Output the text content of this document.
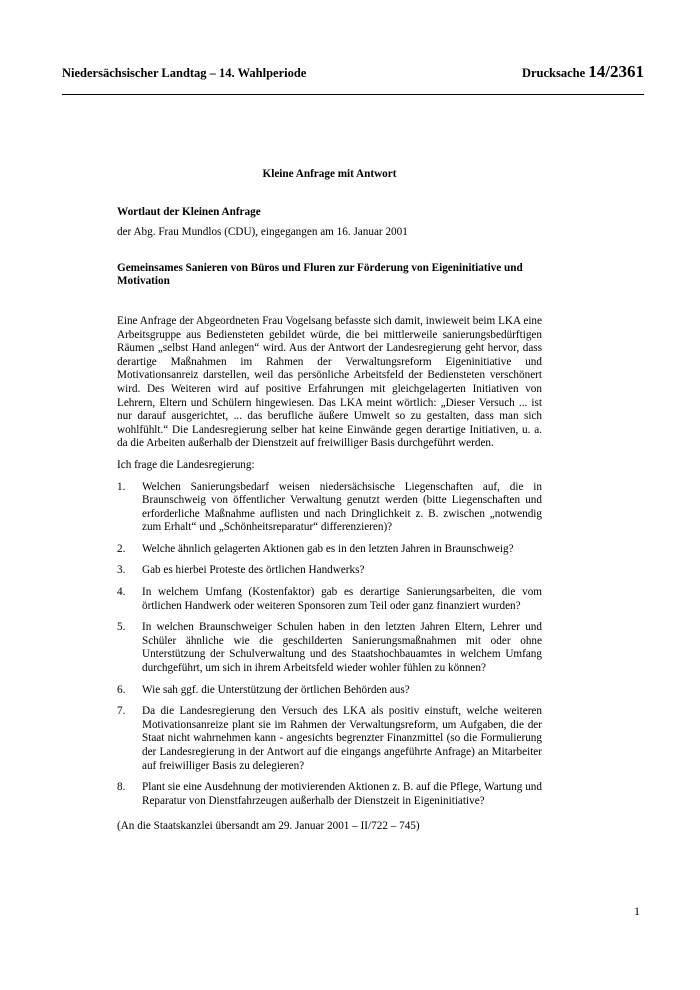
Niedersächsischer Landtag – 14. Wahlperiode	Drucksache 14/2361
Kleine Anfrage mit Antwort
Wortlaut der Kleinen Anfrage
der Abg. Frau Mundlos (CDU), eingegangen am 16. Januar 2001
Gemeinsames Sanieren von Büros und Fluren zur Förderung von Eigeninitiative und Motivation

Eine Anfrage der Abgeordneten Frau Vogelsang befasste sich damit, inwieweit beim LKA eine Arbeitsgruppe aus Bediensteten gebildet würde, die bei mittlerweile sanierungsbedürftigen Räumen „selbst Hand anlegen“ wird. Aus der Antwort der Landesregierung geht hervor, dass derartige Maßnahmen im Rahmen der Verwaltungsreform Eigeninitiative und Motivationsanreiz darstellen, weil das persönliche Arbeitsfeld der Bediensteten verschönert wird. Des Weiteren wird auf positive Erfahrungen mit gleichgelagerten Initiativen von Lehrern, Eltern und Schülern hingewiesen. Das LKA meint wörtlich: „Dieser Versuch ... ist nur darauf ausgerichtet, ... das berufliche äußere Umwelt so zu gestalten, dass man sich wohlfühlt.“ Die Landesregierung selber hat keine Einwände gegen derartige Initiativen, u. a. da die Arbeiten außerhalb der Dienstzeit auf freiwilliger Basis durchgeführt werden.

Ich frage die Landesregierung:

1. Welchen Sanierungsbedarf weisen niedersächsische Liegenschaften auf, die in Braunschweig von öffentlicher Verwaltung genutzt werden (bitte Liegenschaften und erforderliche Maßnahme auflisten und nach Dringlichkeit z. B. zwischen „notwendig zum Erhalt“ und „Schönheitsreparatur“ differenzieren)?
2. Welche ähnlich gelagerten Aktionen gab es in den letzten Jahren in Braunschweig?
3. Gab es hierbei Proteste des örtlichen Handwerks?
4. In welchem Umfang (Kostenfaktor) gab es derartige Sanierungsarbeiten, die vom örtlichen Handwerk oder weiteren Sponsoren zum Teil oder ganz finanziert wurden?
5. In welchen Braunschweiger Schulen haben in den letzten Jahren Eltern, Lehrer und Schüler ähnliche wie die geschilderten Sanierungsmaßnahmen mit oder ohne Unterstützung der Schulverwaltung und des Staatshochbauamtes in welchem Umfang durchgeführt, um sich in ihrem Arbeitsfeld wieder wohler fühlen zu können?
6. Wie sah ggf. die Unterstützung der örtlichen Behörden aus?
7. Da die Landesregierung den Versuch des LKA als positiv einstuft, welche weiteren Motivationsanreize plant sie im Rahmen der Verwaltungsreform, um Aufgaben, die der Staat nicht wahrnehmen kann - angesichts begrenzter Finanzmittel (so die Formulierung der Landesregierung in der Antwort auf die eingangs angeführte Anfrage) an Mitarbeiter auf freiwilliger Basis zu delegieren?
8. Plant sie eine Ausdehnung der motivierenden Aktionen z. B. auf die Pflege, Wartung und Reparatur von Dienstfahrzeugen außerhalb der Dienstzeit in Eigeninitiative?
(An die Staatskanzlei übersandt am 29. Januar 2001 – II/722 – 745)
1
